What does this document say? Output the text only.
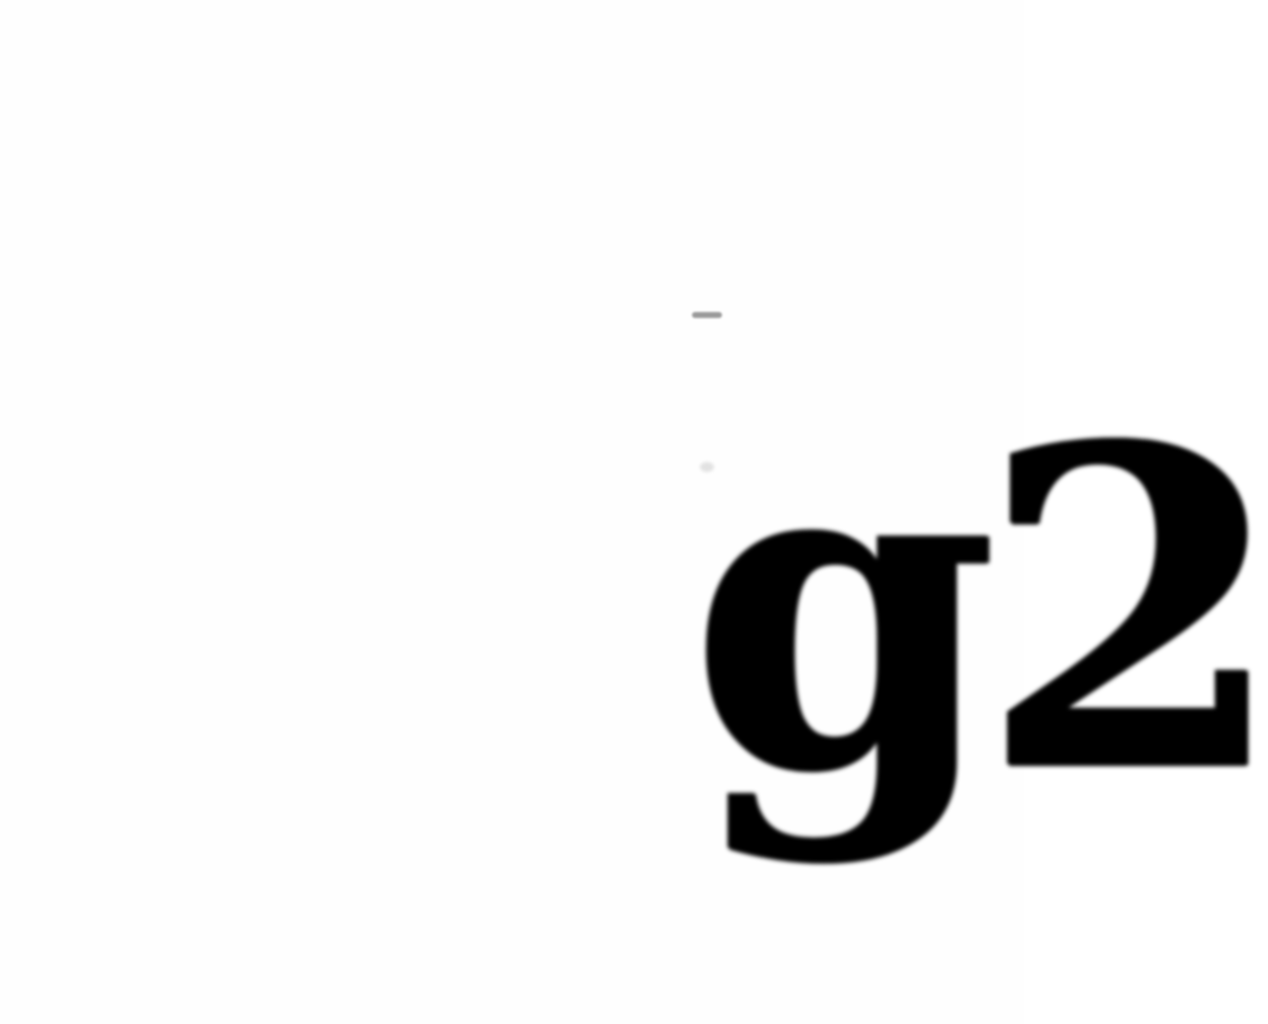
g2
